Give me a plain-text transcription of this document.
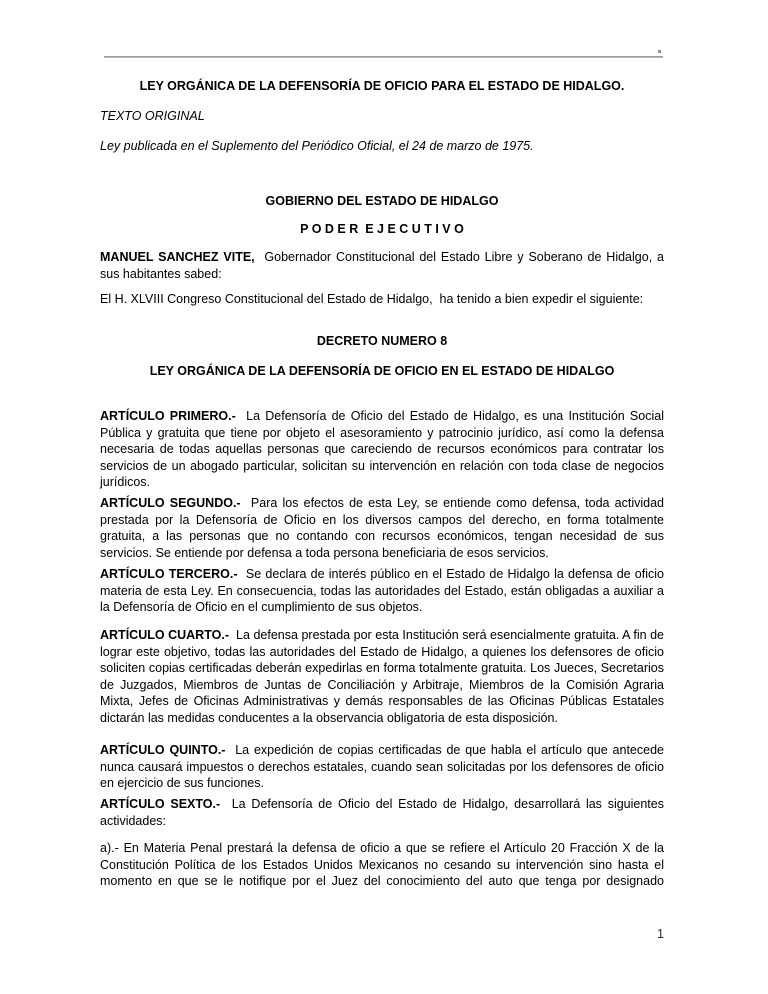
LEY ORGÁNICA DE LA DEFENSORÍA DE OFICIO PARA EL ESTADO DE HIDALGO.
TEXTO ORIGINAL
Ley publicada en el Suplemento del Periódico Oficial, el 24 de marzo de 1975.
GOBIERNO DEL ESTADO DE HIDALGO
P O D E R  E J E C U T I V O

MANUEL SANCHEZ VITE,  Gobernador Constitucional del Estado Libre y Soberano de Hidalgo, a sus habitantes sabed:

El H. XLVIII Congreso Constitucional del Estado de Hidalgo,  ha tenido a bien expedir el siguiente:

DECRETO NUMERO 8
LEY ORGÁNICA DE LA DEFENSORÍA DE OFICIO EN EL ESTADO DE HIDALGO

ARTÍCULO PRIMERO.-  La Defensoría de Oficio del Estado de Hidalgo, es una Institución Social Pública y gratuita que tiene por objeto el asesoramiento y patrocinio jurídico, así como la defensa necesaria de todas aquellas personas que careciendo de recursos económicos para contratar los servicios de un abogado particular, solicitan su intervención en relación con toda clase de negocios jurídicos.

ARTÍCULO SEGUNDO.-  Para los efectos de esta Ley, se entiende como defensa, toda actividad prestada por la Defensoría de Oficio en los diversos campos del derecho, en forma totalmente gratuita, a las personas que no contando con recursos económicos, tengan necesidad de sus servicios. Se entiende por defensa a toda persona beneficiaria de esos servicios.

ARTÍCULO TERCERO.-  Se declara de interés público en el Estado de Hidalgo la defensa de oficio materia de esta Ley. En consecuencia, todas las autoridades del Estado, están obligadas a auxiliar a la Defensoría de Oficio en el cumplimiento de sus objetos.

ARTÍCULO CUARTO.-  La defensa prestada por esta Institución será esencialmente gratuita. A fin de lograr este objetivo, todas las autoridades del Estado de Hidalgo, a quienes los defensores de oficio soliciten copias certificadas deberán expedirlas en forma totalmente gratuita. Los Jueces, Secretarios de Juzgados, Miembros de Juntas de Conciliación y Arbitraje, Miembros de la Comisión Agraria Mixta, Jefes de Oficinas Administrativas y demás responsables de las Oficinas Públicas Estatales dictarán las medidas conducentes a la observancia obligatoria de esta disposición.

ARTÍCULO QUINTO.-  La expedición de copias certificadas de que habla el artículo que antecede nunca causará impuestos o derechos estatales, cuando sean solicitadas por los defensores de oficio en ejercicio de sus funciones.

ARTÍCULO SEXTO.-  La Defensoría de Oficio del Estado de Hidalgo, desarrollará las siguientes actividades:

a).- En Materia Penal prestará la defensa de oficio a que se refiere el Artículo 20 Fracción X de la Constitución Política de los Estados Unidos Mexicanos no cesando su intervención sino hasta el momento en que se le notifique por el Juez del conocimiento del auto que tenga por designado

1
